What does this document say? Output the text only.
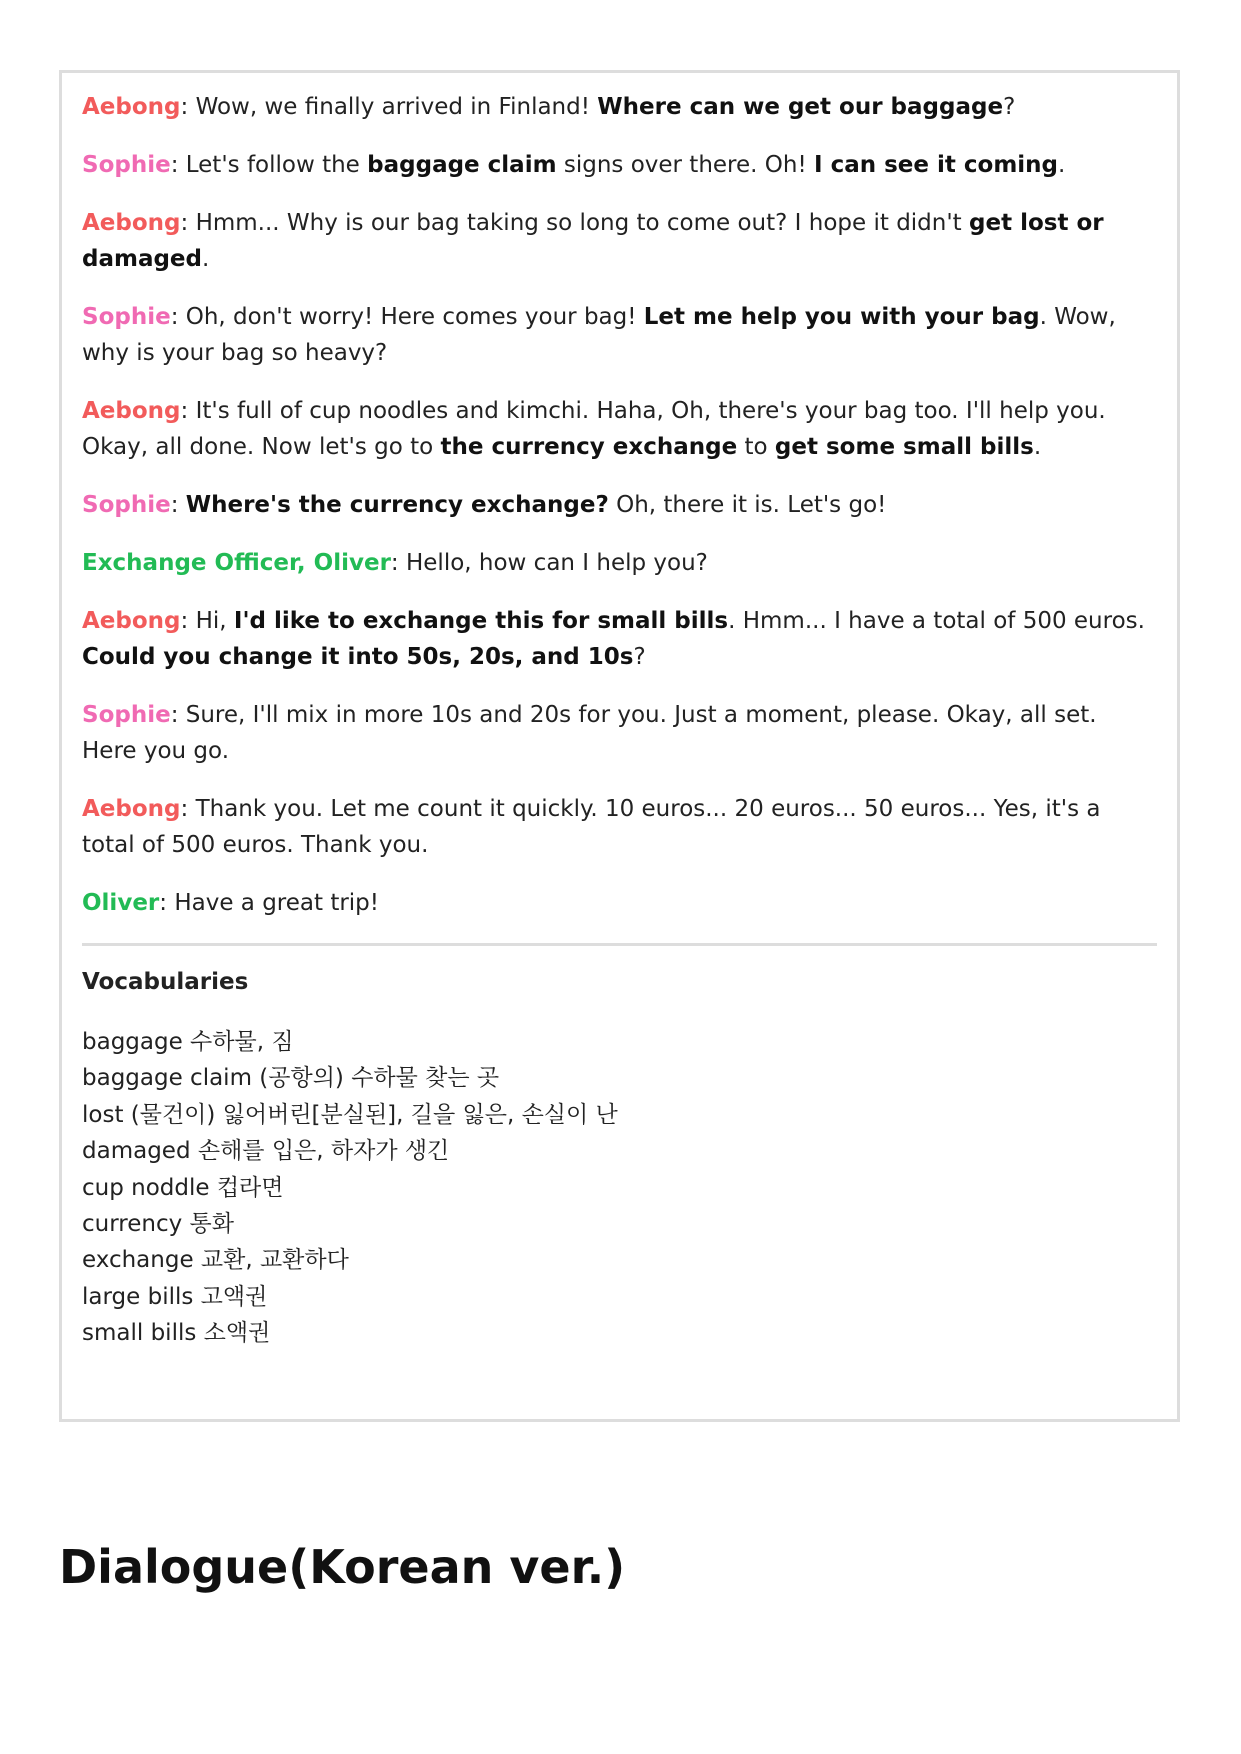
Aebong: Wow, we finally arrived in Finland! Where can we get our baggage?

Sophie: Let's follow the baggage claim signs over there. Oh! I can see it coming.

Aebong: Hmm... Why is our bag taking so long to come out? I hope it didn't get lost or damaged.

Sophie: Oh, don't worry! Here comes your bag! Let me help you with your bag. Wow, why is your bag so heavy?

Aebong: It's full of cup noodles and kimchi. Haha, Oh, there's your bag too. I'll help you. Okay, all done. Now let's go to the currency exchange to get some small bills.

Sophie: Where's the currency exchange? Oh, there it is. Let's go!

Exchange Officer, Oliver: Hello, how can I help you?

Aebong: Hi, I'd like to exchange this for small bills. Hmm... I have a total of 500 euros. Could you change it into 50s, 20s, and 10s?

Sophie: Sure, I'll mix in more 10s and 20s for you. Just a moment, please. Okay, all set. Here you go.

Aebong: Thank you. Let me count it quickly. 10 euros... 20 euros... 50 euros... Yes, it's a total of 500 euros. Thank you.

Oliver: Have a great trip!

Vocabularies
baggage 수하물, 짐
baggage claim (공항의) 수하물 찾는 곳
lost (물건이) 잃어버린[분실된], 길을 잃은, 손실이 난
damaged 손해를 입은, 하자가 생긴
cup noddle 컵라면
currency 통화
exchange 교환, 교환하다
large bills 고액권
small bills 소액권
Dialogue(Korean ver.)
